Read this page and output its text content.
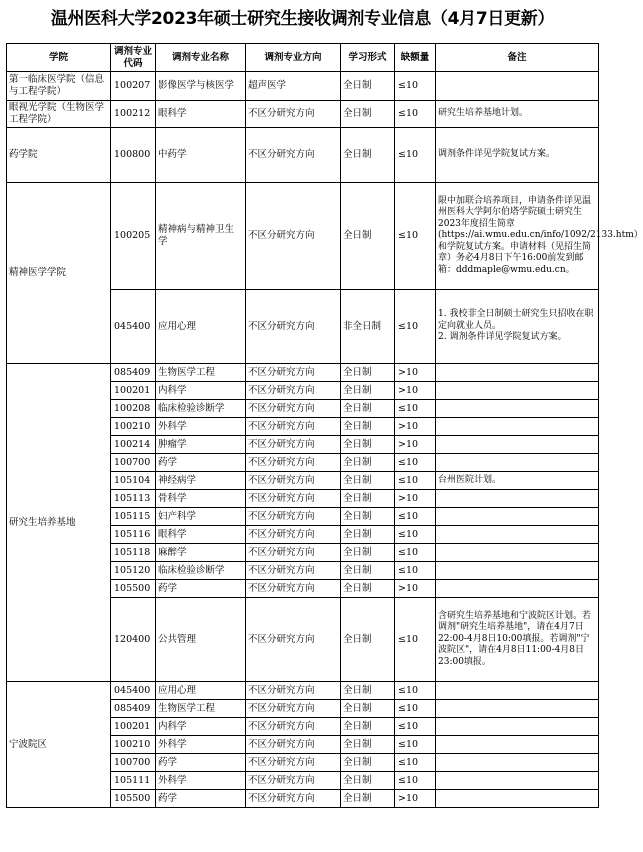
温州医科大学2023年硕士研究生接收调剂专业信息（4月7日更新）
学院	调剂专业代码	调剂专业名称	调剂专业方向	学习形式	缺额量	备注
第一临床医学院（信息与工程学院）	100207	影像医学与核医学	超声医学	全日制	≤10	
眼视光学院（生物医学工程学院）	100212	眼科学	不区分研究方向	全日制	≤10	研究生培养基地计划。
药学院	100800	中药学	不区分研究方向	全日制	≤10	调剂条件详见学院复试方案。
精神医学学院	100205	精神病与精神卫生学	不区分研究方向	全日制	≤10	限中加联合培养项目，申请条件详见温州医科大学阿尔伯塔学院硕士研究生2023年度招生简章(https://ai.wmu.edu.cn/info/1092/2133.htm）和学院复试方案。申请材料（见招生简章）务必4月8日下午16:00前发到邮箱：dddmaple@wmu.edu.cn。
	045400	应用心理	不区分研究方向	非全日制	≤10	1. 我校非全日制硕士研究生只招收在职定向就业人员。
2. 调剂条件详见学院复试方案。
研究生培养基地	085409	生物医学工程	不区分研究方向	全日制	>10	
	100201	内科学	不区分研究方向	全日制	>10	
	100208	临床检验诊断学	不区分研究方向	全日制	≤10	
	100210	外科学	不区分研究方向	全日制	>10	
	100214	肿瘤学	不区分研究方向	全日制	>10	
	100700	药学	不区分研究方向	全日制	≤10	
	105104	神经病学	不区分研究方向	全日制	≤10	台州医院计划。
	105113	骨科学	不区分研究方向	全日制	>10	
	105115	妇产科学	不区分研究方向	全日制	≤10	
	105116	眼科学	不区分研究方向	全日制	≤10	
	105118	麻醉学	不区分研究方向	全日制	≤10	
	105120	临床检验诊断学	不区分研究方向	全日制	≤10	
	105500	药学	不区分研究方向	全日制	>10	
	120400	公共管理	不区分研究方向	全日制	≤10	含研究生培养基地和宁波院区计划。若调剂"研究生培养基地"，请在4月7日22:00-4月8日10:00填报。若调剂"宁波院区"，请在4月8日11:00-4月8日23:00填报。
宁波院区	045400	应用心理	不区分研究方向	全日制	≤10	
	085409	生物医学工程	不区分研究方向	全日制	≤10	
	100201	内科学	不区分研究方向	全日制	≤10	
	100210	外科学	不区分研究方向	全日制	≤10	
	100700	药学	不区分研究方向	全日制	≤10	
	105111	外科学	不区分研究方向	全日制	≤10	
	105500	药学	不区分研究方向	全日制	>10	
